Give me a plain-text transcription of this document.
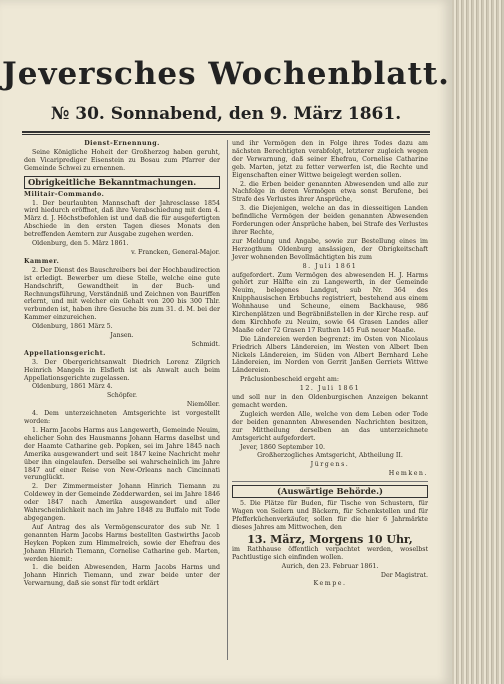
Jeversches Wochenblatt.
№ 30. Sonnabend, den 9. März 1861.
Dienst-Ernennung.
Seine Königliche Hoheit der Großherzog haben geruht, den Vicariprediger Eisenstein zu Bosau zum Pfarrer der Gemeinde Schwei zu ernennen.
Obrigkeitliche Bekanntmachungen.
Militair-Commando.
1. Der beurlaubten Mannschaft der Jahresclasse 1854 wird hiedurch eröffnet, daß ihre Verabschiedung mit dem 4. März d. J. Höchstbefohlen ist und daß die für ausgefertigten Abschiede in den ersten Tagen dieses Monats den betreffenden Aemtern zur Ausgabe zugehen werden.
Oldenburg, den 5. März 1861.
v. Francken, General-Major.
Kammer.
2. Der Dienst des Bauschreibers bei der Hochbaudirection ist erledigt. Bewerber um diese Stelle, welche eine gute Handschrift, Gewandtheit in der Buch- und Rechnungsführung, Verständniß und Zeichnen von Bauriffen erlernt, und mit welcher ein Gehalt von 200 bis 300 Thlr. verbunden ist, haben ihre Gesuche bis zum 31. d. M. bei der Kammer einzureichen.
Oldenburg, 1861 März 5.
Jansen.
Schmidt.
Appellationsgericht.
3. Der Obergerichtsanwalt Diedrich Lorenz Zilgrich Heinrich Mangels in Elsfleth ist als Anwalt auch beim Appellationsgerichte zugelassen.
Oldenburg, 1861 März 4.
Schöpfer.
Niemöller.
4. Dem unterzeichneten Amtsgerichte ist vorgestellt worden:
1. Harm Jacobs Harms aus Langewerth, Gemeinde Neuim, ehelicher Sohn des Hausmanns Johann Harms daselbst und der Haamte Catharine geb. Popken, sei im Jahre 1845 nach Amerika ausgewandert und seit 1847 keine Nachricht mehr über ihn eingelaufen. Derselbe sei wahrscheinlich im Jahre 1847 auf einer Reise von New-Orleans nach Cincinnati verunglückt.
2. Der Zimmermeister Johann Hinrich Tiemann zu Coldewey in der Gemeinde Zedderwarden, sei im Jahre 1846 oder 1847 nach Amerika ausgewandert und aller Wahrscheinlichkeit nach im Jahre 1848 zu Buffalo mit Tode abgegangen.
Auf Antrag des als Vermögenscurator des sub Nr. 1 genannten Harm Jacobs Harms bestellten Gastwirths Jacob Heyken Popken zum Himmelreich, sowie der Ehefrau des Johann Hinrich Tiemann, Cornelise Catharine geb. Marten, werden hiemit:
1. die beiden Abwesenden, Harm Jacobs Harms und Johann Hinrich Tiemann, und zwar beide unter der Verwarnung, daß sie sonst für todt erklärt
und ihr Vermögen den in Folge ihres Todes dazu am nächsten Berechtigten verabfolgt, letzterer zugleich wegen der Verwarnung, daß seiner Ehefrau, Cornelise Catharine geb. Marten, jetzt zu fetter verwerfen ist, die Rechte und Eigenschaften einer Wittwe beigelegt werden sollen.
2. die Erben beider genannten Abwesenden und alle zur Nachfolge in deren Vermögen etwa sonst Berufene, bei Strafe des Verlustes ihrer Ansprüche,
3. die Diejenigen, welche an das in diesseitigen Landen befindliche Vermögen der beiden genannten Abwesenden Forderungen oder Ansprüche haben, bei Strafe des Verlustes ihrer Rechte,
zur Meldung und Angabe, sowie zur Bestellung eines im Herzogthum Oldenburg ansässigen, der Obrigkeitschaft Jever wohnenden Bevollmächtigten bis zum
8. Juli 1861
aufgefordert. Zum Vermögen des abwesenden H. J. Harms gehört zur Hälfte ein zu Langewerth, in der Gemeinde Neuim, belegenes Landgut, sub Nr. 364 des Knipphausischen Erbbuchs registriert, bestehend aus einem Wohnhause und Scheune, einem Backhause, 986 Kirchenplätzen und Begräbnißstellen in der Kirche resp. auf dem Kirchhofe zu Neuim, sowie 64 Grasen Landes aller Maaße oder 72 Grasen 17 Ruthen 145 Fuß neuer Maaße.
Die Ländereien werden begrenzt: im Osten von Nicolaus Friedrich Albers Ländereien, im Westen von Albert Iben Nickels Ländereien, im Süden von Albert Bernhard Lehe Ländereien, im Norden von Gerrit Janßen Gerriets Wittwe Ländereien.
Präclusionbescheid ergeht am:
12. Juli 1861
und soll nur in den Oldenburgischen Anzeigen bekannt gemacht werden.
Zugleich werden Alle, welche von dem Leben oder Tode der beiden genannten Abwesenden Nachrichten besitzen, zur Mittheilung derselben an das unterzeichnete Amtsgericht aufgefordert.
Jever, 1860 September 10.
Großherzogliches Amtsgericht, Abtheilung II.
Jürgens.
Hemken.
(Auswärtige Behörde.)
5. Die Plätze für Buden, für Tische von Schustern, für Wagen von Seilern und Bäckern, für Schenkstellen und für Pfefferküchenverkäufer, sollen für die hier 6 Jahrmärkte dieses Jahres am Mittwochen, den
13. März, Morgens 10 Uhr,
im Rathhause öffentlich verpachtet werden, woselbst Pachtlustige sich einfinden wollen.
Aurich, den 23. Februar 1861.
Der Magistrat.
Kempe.
